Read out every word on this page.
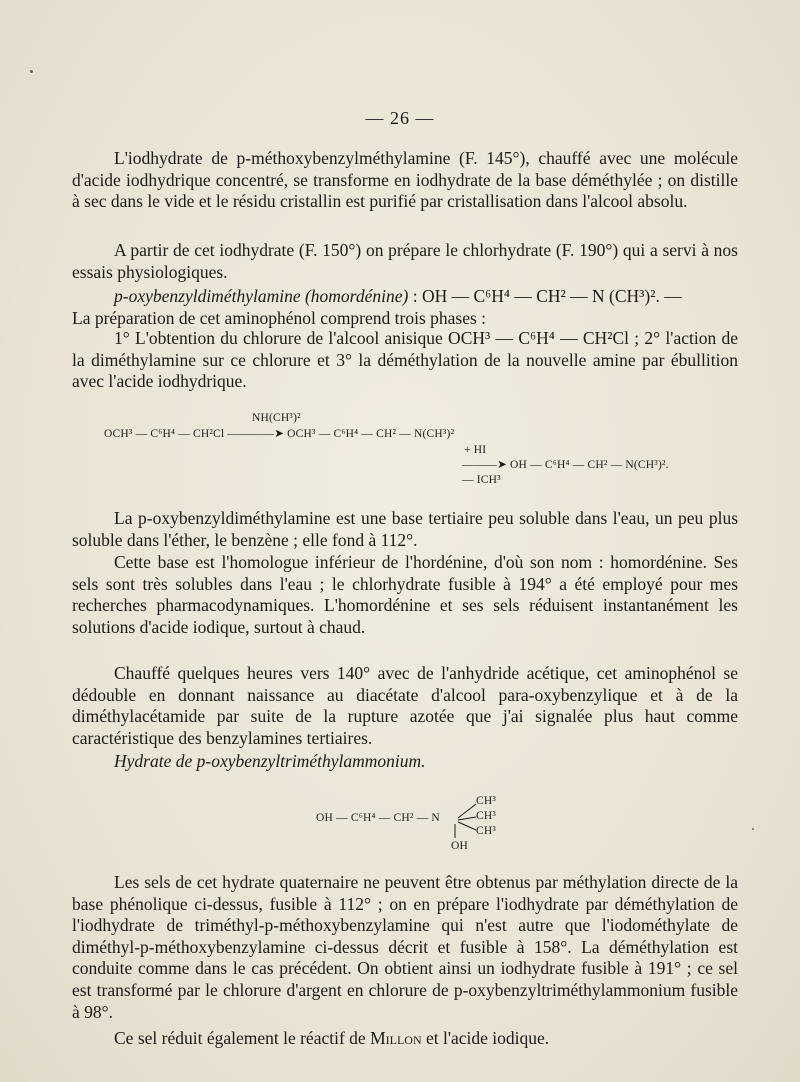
— 26 —

L'iodhydrate de p-méthoxybenzylméthylamine (F. 145°), chauffé avec une molécule d'acide iodhydrique concentré, se transforme en iodhydrate de la base déméthylée ; on distille à sec dans le vide et le résidu cristallin est purifié par cristallisation dans l'alcool absolu.

A partir de cet iodhydrate (F. 150°) on prépare le chlorhydrate (F. 190°) qui a servi à nos essais physiologiques.

p-oxybenzyldiméthylamine (homordénine) : OH — C⁶H⁴ — CH² — N (CH³)². —
La préparation de cet aminophénol comprend trois phases :

1° L'obtention du chlorure de l'alcool anisique OCH³ — C⁶H⁴ — CH²Cl ; 2° l'action de la diméthylamine sur ce chlorure et 3° la déméthylation de la nouvelle amine par ébullition avec l'acide iodhydrique.

NH(CH³)²
OCH³ — C⁶H⁴ — CH²Cl ————➤ OCH³ — C⁶H⁴ — CH² — N(CH³)²
+ HI
———➤ OH — C⁶H⁴ — CH² — N(CH³)².
— ICH³

La p-oxybenzyldiméthylamine est une base tertiaire peu soluble dans l'eau, un peu plus soluble dans l'éther, le benzène ; elle fond à 112°.

Cette base est l'homologue inférieur de l'hordénine, d'où son nom : homordénine. Ses sels sont très solubles dans l'eau ; le chlorhydrate fusible à 194° a été employé pour mes recherches pharmacodynamiques. L'homordénine et ses sels réduisent instantanément les solutions d'acide iodique, surtout à chaud.

Chauffé quelques heures vers 140° avec de l'anhydride acétique, cet aminophénol se dédouble en donnant naissance au diacétate d'alcool para-oxybenzylique et à de la diméthylacétamide par suite de la rupture azotée que j'ai signalée plus haut comme caractéristique des benzylamines tertiaires.

Hydrate de p-oxybenzyltriméthylammonium.

OH — C⁶H⁴ — CH² — N
CH³
CH³
CH³
OH

Les sels de cet hydrate quaternaire ne peuvent être obtenus par méthylation directe de la base phénolique ci-dessus, fusible à 112° ; on en prépare l'iodhydrate par déméthylation de l'iodhydrate de triméthyl-p-méthoxybenzylamine qui n'est autre que l'iodométhylate de diméthyl-p-méthoxybenzylamine ci-dessus décrit et fusible à 158°. La déméthylation est conduite comme dans le cas précédent. On obtient ainsi un iodhydrate fusible à 191° ; ce sel est transformé par le chlorure d'argent en chlorure de p-oxybenzyltriméthylammonium fusible à 98°.

Ce sel réduit également le réactif de Millon et l'acide iodique.
